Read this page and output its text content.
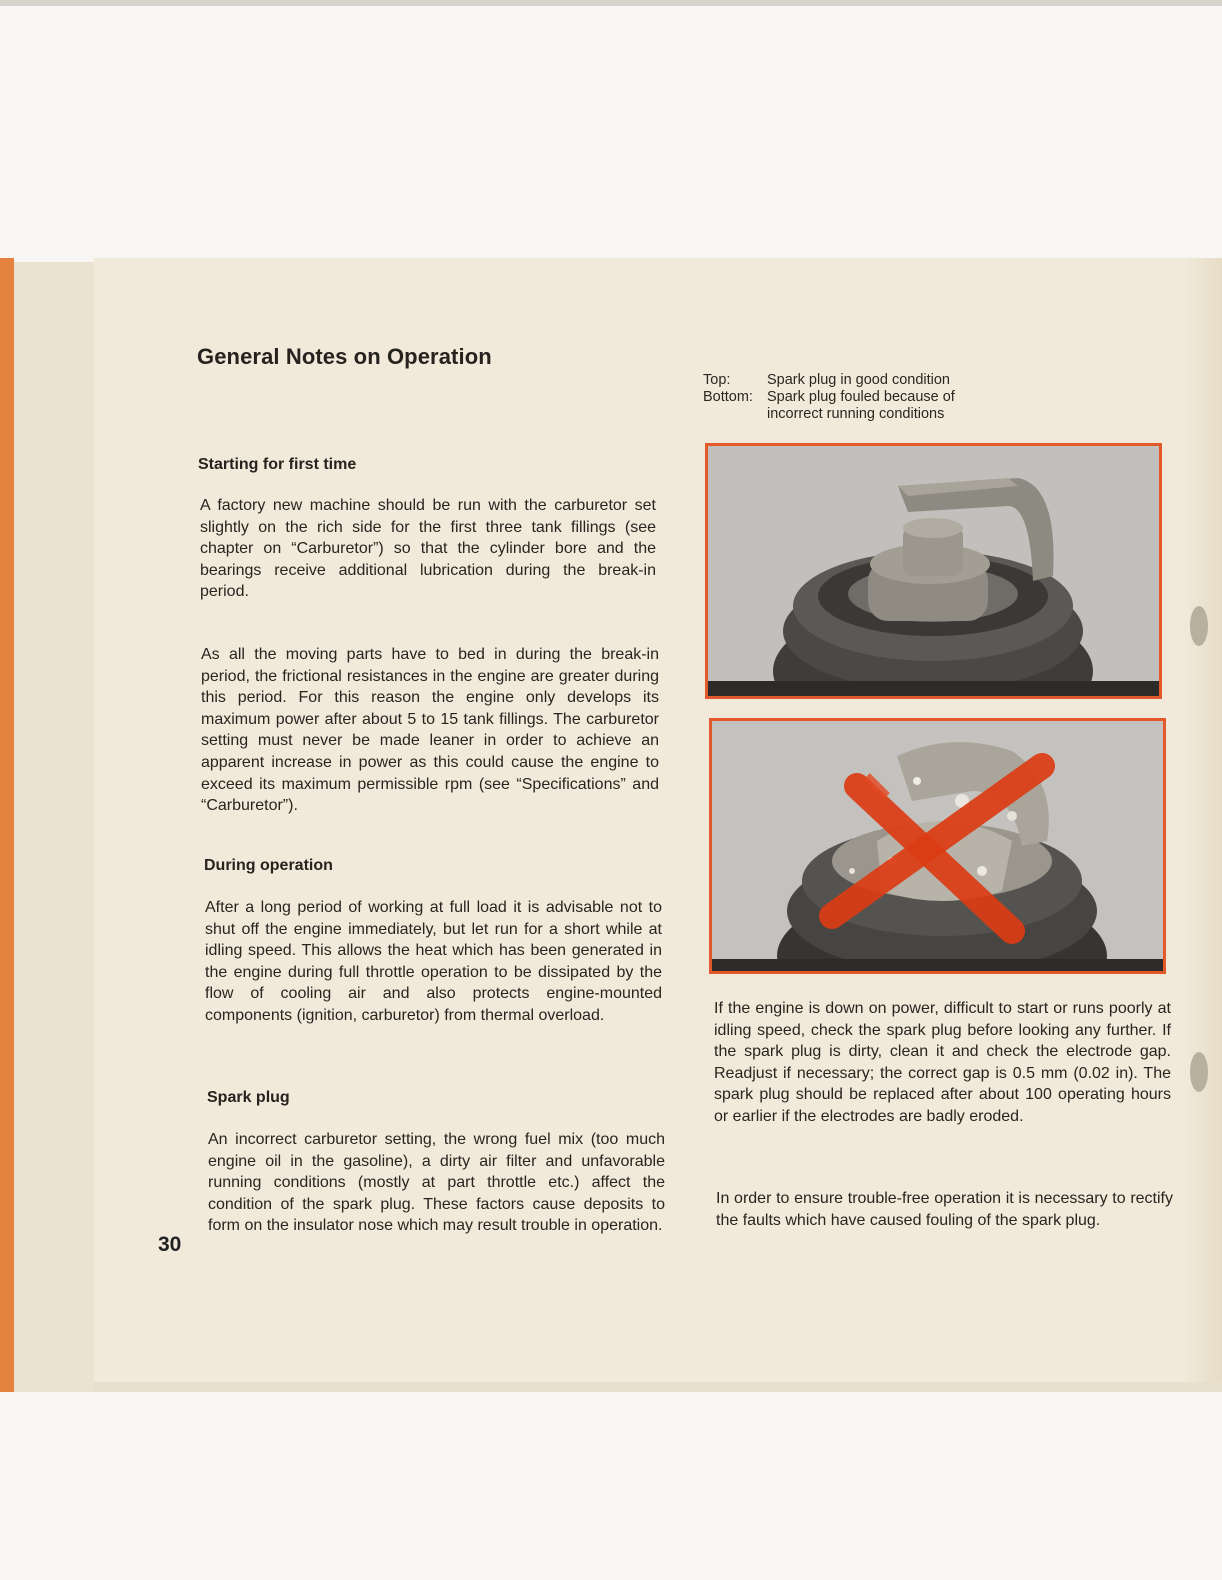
General Notes on Operation
Starting for first time

A factory new machine should be run with the carburetor set slightly on the rich side for the first three tank fillings (see chapter on “Carburetor”) so that the cylinder bore and the bearings receive additional lubrication during the break-in period.

As all the moving parts have to bed in during the break-in period, the frictional resistances in the engine are greater during this period. For this reason the engine only develops its maximum power after about 5 to 15 tank fillings. The carburetor setting must never be made leaner in order to achieve an apparent increase in power as this could cause the engine to exceed its maximum permissible rpm (see “Specifications” and “Carburetor”).

During operation

After a long period of working at full load it is advisable not to shut off the engine immediately, but let run for a short while at idling speed. This allows the heat which has been generated in the engine during full throttle operation to be dissipated by the flow of cooling air and also protects engine-mounted components (ignition, carburetor) from thermal overload.

Spark plug

An incorrect carburetor setting, the wrong fuel mix (too much engine oil in the gasoline), a dirty air filter and unfavorable running conditions (mostly at part throttle etc.) affect the condition of the spark plug. These factors cause deposits to form on the insulator nose which may result trouble in operation.

30
Top:	Spark plug in good condition
Bottom: Spark plug fouled because of incorrect running conditions

If the engine is down on power, difficult to start or runs poorly at idling speed, check the spark plug before looking any further. If the spark plug is dirty, clean it and check the electrode gap. Readjust if necessary; the correct gap is 0.5 mm (0.02 in). The spark plug should be replaced after about 100 operating hours or earlier if the electrodes are badly eroded.

In order to ensure trouble-free operation it is necessary to rectify the faults which have caused fouling of the spark plug.
